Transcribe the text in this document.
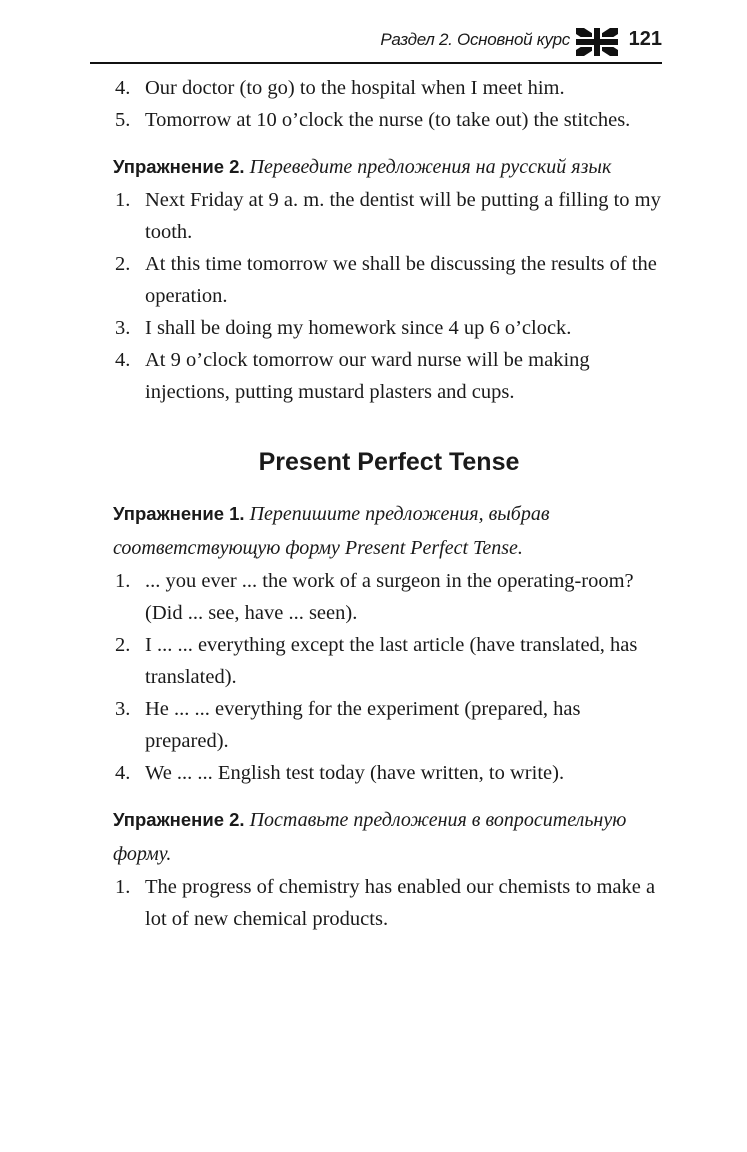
Раздел 2. Основной курс	121

4. Our doctor (to go) to the hospital when I meet him.

5. Tomorrow at 10 o’clock the nurse (to take out) the stitches.

Упражнение 2. Переведите предложения на русский язык

1. Next Friday at 9 a. m. the dentist will be putting a filling to my tooth.

2. At this time tomorrow we shall be discussing the results of the operation.

3. I shall be doing my homework since 4 up 6 o’clock.

4. At 9 o’clock tomorrow our ward nurse will be making injections, putting mustard plasters and cups.

Present Perfect Tense

Упражнение 1. Перепишите предложения, выбрав соответствующую форму Present Perfect Tense.

1. ... you ever ... the work of a surgeon in the operating-room? (Did ... see, have ... seen).

2. I ... ... everything except the last article (have translated, has translated).

3. He ... ... everything for the experiment (prepared, has prepared).

4. We ... ... English test today (have written, to write).

Упражнение 2. Поставьте предложения в вопросительную форму.

1. The progress of chemistry has enabled our chemists to make a lot of new chemical products.
